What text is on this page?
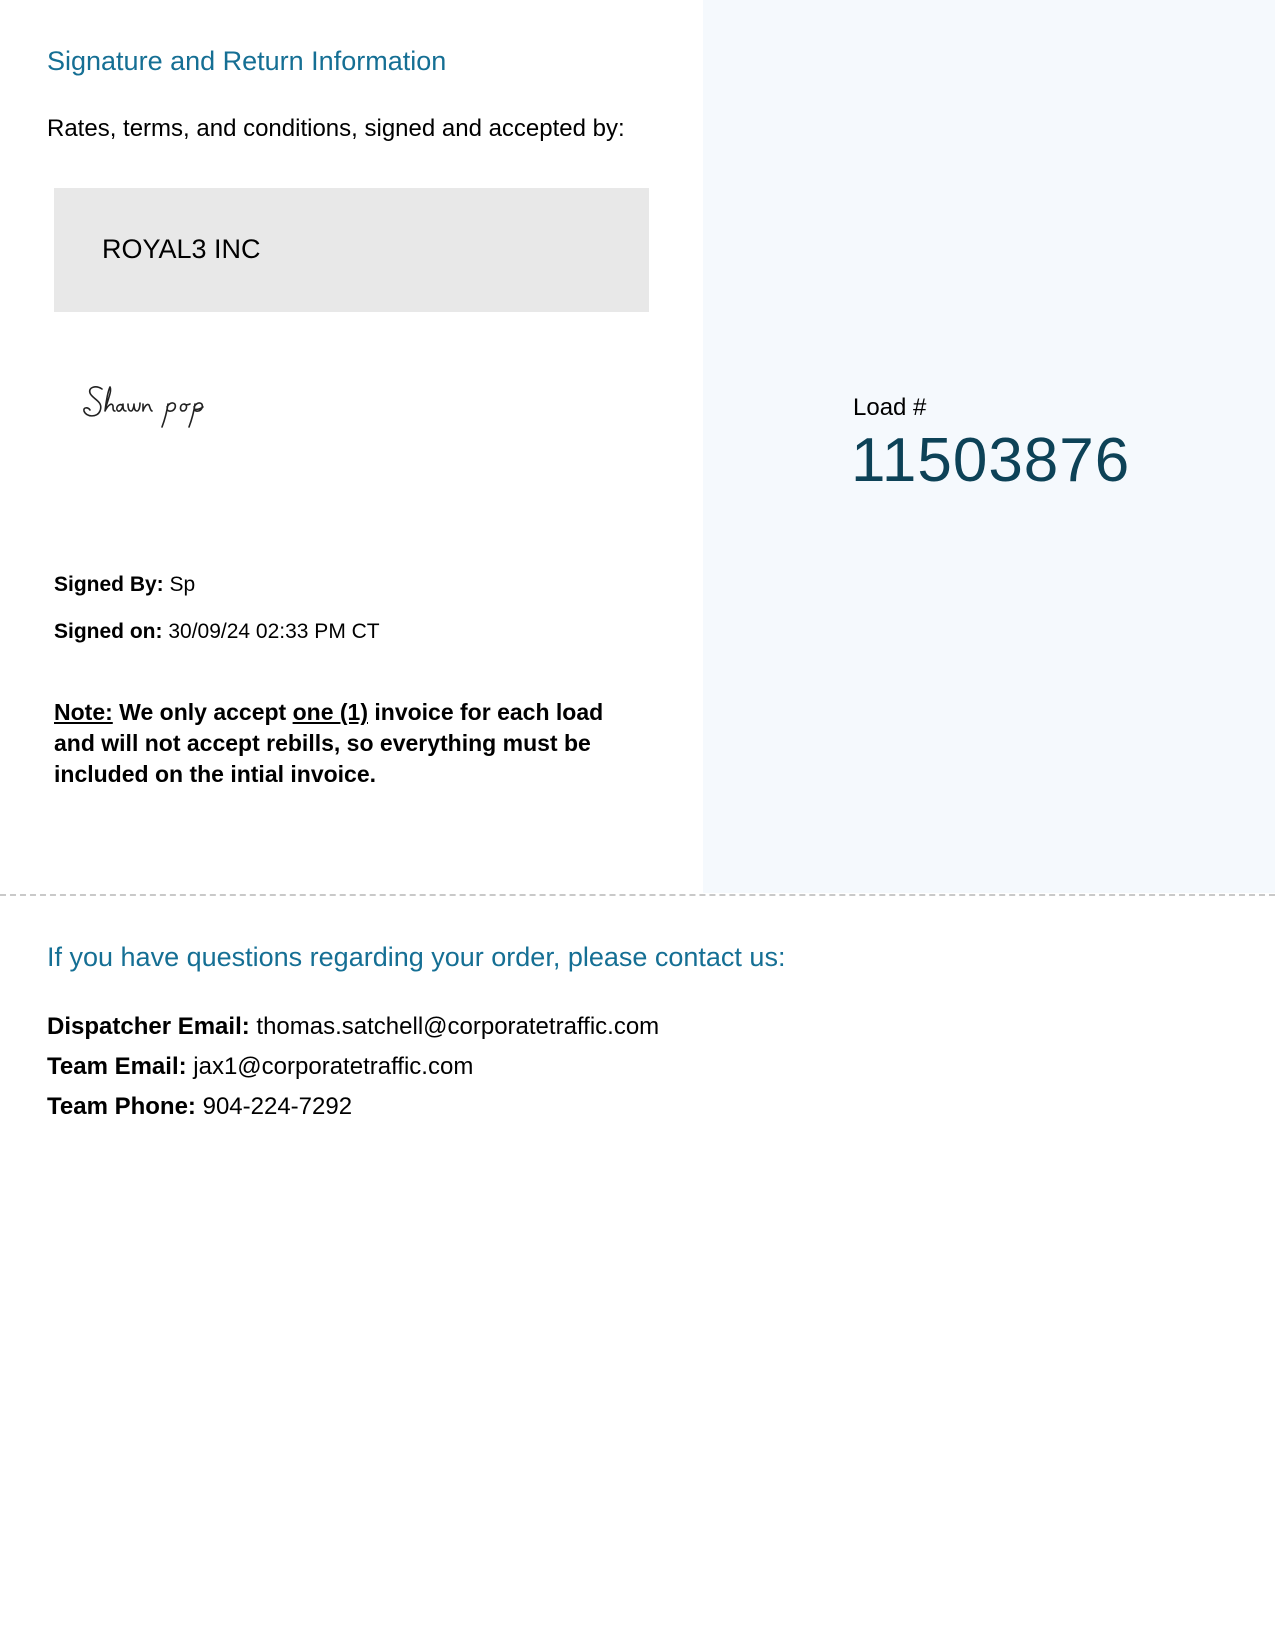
Signature and Return Information
Rates, terms, and conditions, signed and accepted by:
ROYAL3 INC
Signed By: Sp
Signed on: 30/09/24 02:33 PM CT
Note: We only accept one (1) invoice for each load and will not accept rebills, so everything must be included on the intial invoice.
Load #
11503876
If you have questions regarding your order, please contact us:
Dispatcher Email: thomas.satchell@corporatetraffic.com
Team Email: jax1@corporatetraffic.com
Team Phone: 904-224-7292
